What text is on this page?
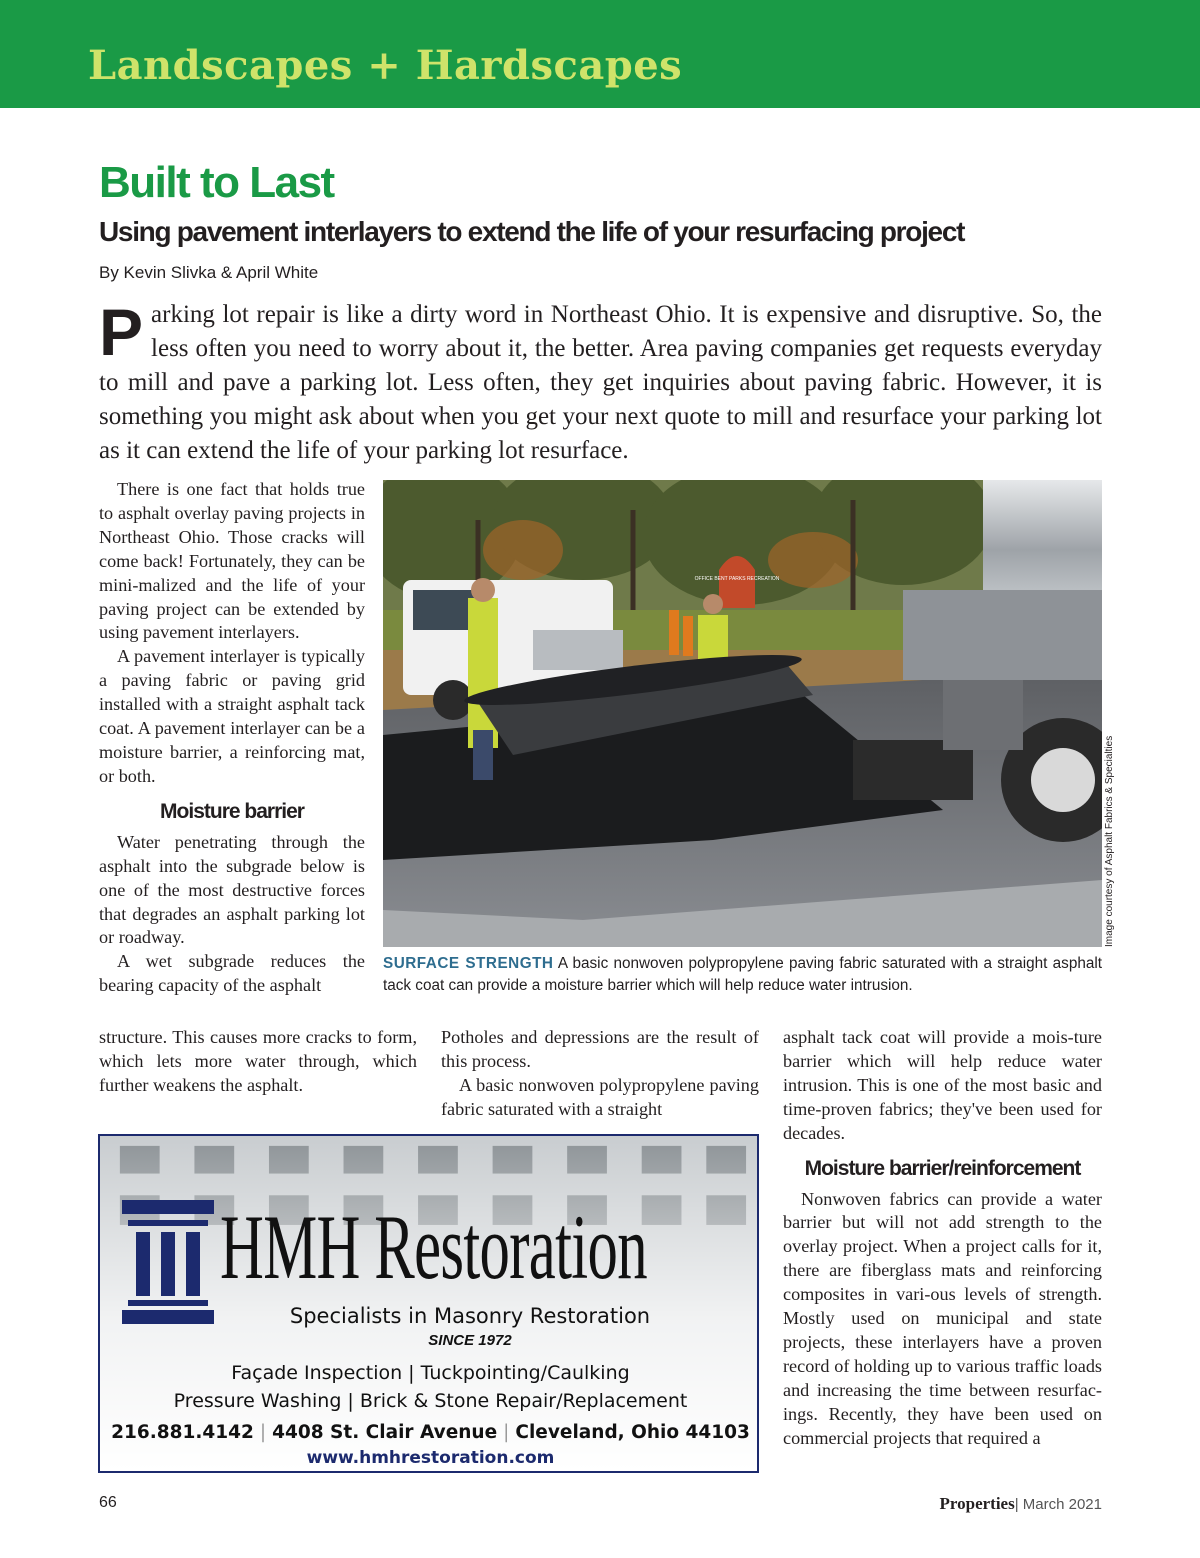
Landscapes + Hardscapes
Built to Last
Using pavement interlayers to extend the life of your resurfacing project
By Kevin Slivka & April White
Parking lot repair is like a dirty word in Northeast Ohio. It is expensive and disruptive. So, the less often you need to worry about it, the better. Area paving companies get requests everyday to mill and pave a parking lot. Less often, they get inquiries about paving fabric. However, it is something you might ask about when you get your next quote to mill and resurface your parking lot as it can extend the life of your parking lot resurface.

There is one fact that holds true to asphalt overlay paving projects in Northeast Ohio. Those cracks will come back! Fortunately, they can be mini-malized and the life of your paving project can be extended by using pavement interlayers.

A pavement interlayer is typically a paving fabric or paving grid installed with a straight asphalt tack coat. A pavement interlayer can be a moisture barrier, a reinforcing mat, or both.

Moisture barrier

Water penetrating through the asphalt into the subgrade below is one of the most destructive forces that degrades an asphalt parking lot or roadway.

A wet subgrade reduces the bearing capacity of the asphalt

structure. This causes more cracks to form, which lets more water through, which further weakens the asphalt.

Potholes and depressions are the result of this process.

A basic nonwoven polypropylene paving fabric saturated with a straight

asphalt tack coat will provide a mois-ture barrier which will help reduce water intrusion. This is one of the most basic and time-proven fabrics; they've been used for decades.

Moisture barrier/reinforcement

Nonwoven fabrics can provide a water barrier but will not add strength to the overlay project. When a project calls for it, there are fiberglass mats and reinforcing composites in vari-ous levels of strength. Mostly used on municipal and state projects, these interlayers have a proven record of holding up to various traffic loads and increasing the time between resurfac-ings. Recently, they have been used on commercial projects that required a

OFFICE BENT PARKS RECREATION
Image courtesy of Asphalt Fabrics & Specialties
SURFACE STRENGTH A basic nonwoven polypropylene paving fabric saturated with a straight asphalt tack coat can provide a moisture barrier which will help reduce water intrusion.
HMH Restoration
Specialists in Masonry Restoration
SINCE 1972
Façade Inspection | Tuckpointing/Caulking
Pressure Washing | Brick & Stone Repair/Replacement
216.881.4142 | 4408 St. Clair Avenue | Cleveland, Ohio 44103
www.hmhrestoration.com
66	Properties| March 2021
